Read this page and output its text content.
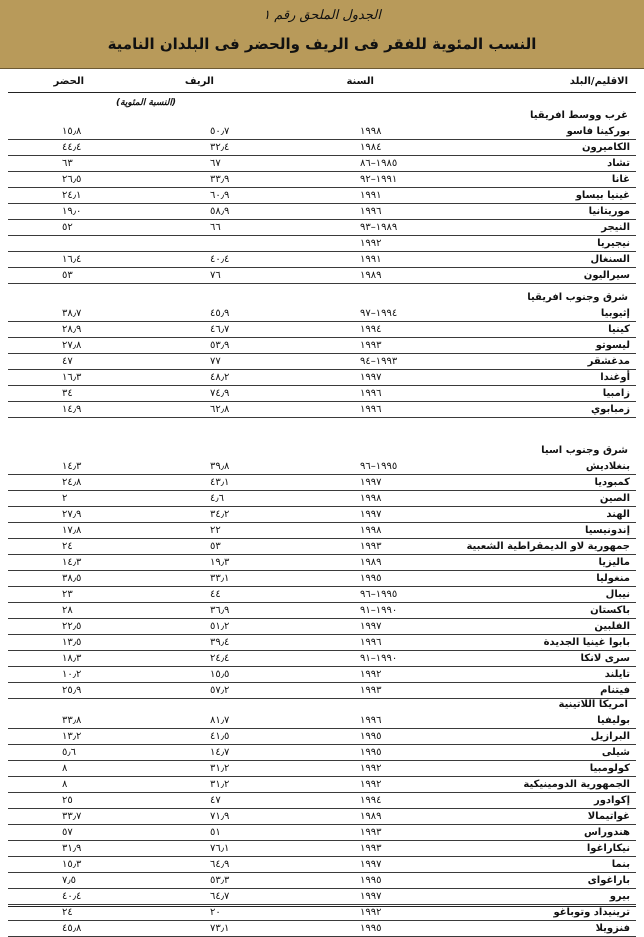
الجدول الملحق رقم ١
النسب المئوية للفقر فى الريف والحضر فى البلدان النامية
الاقليم/البلد
السنة
الريف
الحضر
(النسبة المئوية)
غرب ووسط افريقيا
بوركينا فاسو
١٩٩٨
٥٠٫٧
١٥٫٨
الكاميرون
١٩٨٤
٣٢٫٤
٤٤٫٤
تشاد
١٩٨٥–٨٦
٦٧
٦٣
غانا
١٩٩١–٩٢
٣٣٫٩
٢٦٫٥
غينيا بيساو
١٩٩١
٦٠٫٩
٢٤٫١
موريتانيا
١٩٩٦
٥٨٫٩
١٩٫٠
النيجر
١٩٨٩–٩٣
٦٦
٥٢
نيجيريا
١٩٩٢
السنغال
١٩٩١
٤٠٫٤
١٦٫٤
سيراليون
١٩٨٩
٧٦
٥٣
شرق وجنوب افريقيا
إثيوبيا
١٩٩٤–٩٧
٤٥٫٩
٣٨٫٧
كينيا
١٩٩٤
٤٦٫٧
٢٨٫٩
ليسوتو
١٩٩٣
٥٣٫٩
٢٧٫٨
مدغشقر
١٩٩٣–٩٤
٧٧
٤٧
أوغندا
١٩٩٧
٤٨٫٢
١٦٫٣
زامبيا
١٩٩٦
٧٤٫٩
٣٤
زمبابوي
١٩٩٦
٦٢٫٨
١٤٫٩
شرق وجنوب اسيا
بنغلاديش
١٩٩٥–٩٦
٣٩٫٨
١٤٫٣
كمبوديا
١٩٩٧
٤٣٫١
٢٤٫٨
الصين
١٩٩٨
٤٫٦
٢
الهند
١٩٩٧
٣٤٫٢
٢٧٫٩
إندونيسيا
١٩٩٨
٢٢
١٧٫٨
جمهورية لاو الديمقراطية الشعبية
١٩٩٣
٥٣
٢٤
ماليزيا
١٩٨٩
١٩٫٣
١٤٫٣
منغوليا
١٩٩٥
٣٣٫١
٣٨٫٥
نيبال
١٩٩٥–٩٦
٤٤
٢٣
باكستان
١٩٩٠–٩١
٣٦٫٩
٢٨
الفلبين
١٩٩٧
٥١٫٢
٢٢٫٥
بابوا غينيا الجديدة
١٩٩٦
٣٩٫٤
١٣٫٥
سرى لانكا
١٩٩٠–٩١
٢٤٫٤
١٨٫٣
تايلند
١٩٩٢
١٥٫٥
١٠٫٢
فيتنام
١٩٩٣
٥٧٫٢
٢٥٫٩
امريكا اللاتينية
بوليفيا
١٩٩٦
٨١٫٧
٣٣٫٨
البرازيل
١٩٩٥
٤١٫٥
١٣٫٢
شيلى
١٩٩٥
١٤٫٧
٥٫٦
كولومبيا
١٩٩٢
٣١٫٢
٨
الجمهورية الدومينيكية
١٩٩٢
٣١٫٢
٨
إكوادور
١٩٩٤
٤٧
٢٥
غواتيمالا
١٩٨٩
٧١٫٩
٣٣٫٧
هندوراس
١٩٩٣
٥١
٥٧
نيكاراغوا
١٩٩٣
٧٦٫١
٣١٫٩
بنما
١٩٩٧
٦٤٫٩
١٥٫٣
باراغواى
١٩٩٥
٥٣٫٣
٧٫٥
بيرو
١٩٩٧
٦٤٫٧
٤٠٫٤
ترينيداد وتوباغو
١٩٩٢
٢٠
٢٤
فنزويلا
١٩٩٥
٧٣٫١
٤٥٫٨
